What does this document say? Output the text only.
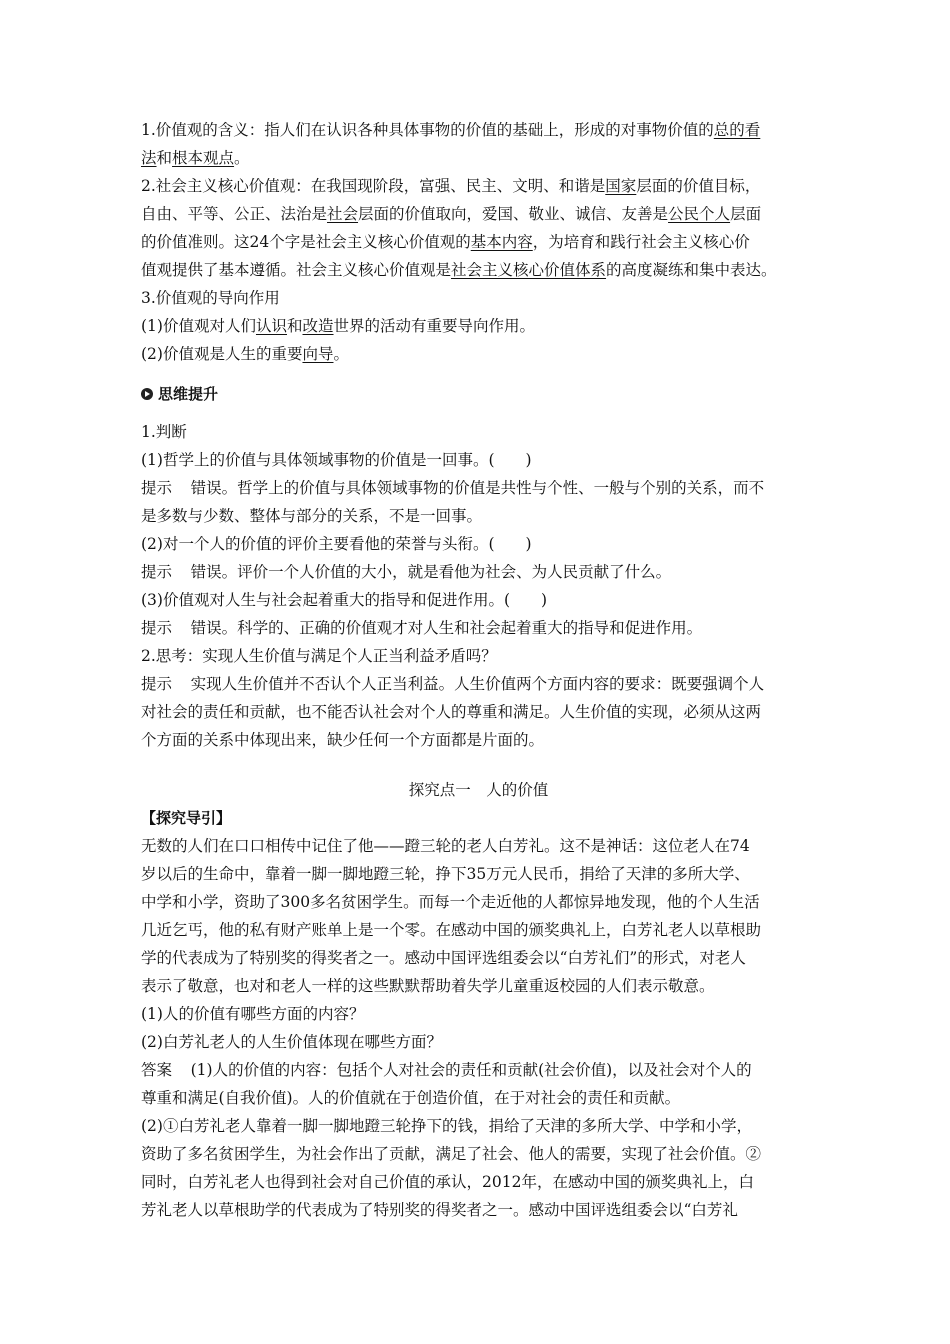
1.价值观的含义：指人们在认识各种具体事物的价值的基础上，形成的对事物价值的总的看
法和根本观点。
2.社会主义核心价值观：在我国现阶段，富强、民主、文明、和谐是国家层面的价值目标，
自由、平等、公正、法治是社会层面的价值取向，爱国、敬业、诚信、友善是公民个人层面
的价值准则。这24个字是社会主义核心价值观的基本内容，为培育和践行社会主义核心价
值观提供了基本遵循。社会主义核心价值观是社会主义核心价值体系的高度凝练和集中表达。
3.价值观的导向作用
(1)价值观对人们认识和改造世界的活动有重要导向作用。
(2)价值观是人生的重要向导。
思维提升
1.判断
(1)哲学上的价值与具体领域事物的价值是一回事。(　　)
提示 错误。哲学上的价值与具体领域事物的价值是共性与个性、一般与个别的关系，而不
是多数与少数、整体与部分的关系，不是一回事。
(2)对一个人的价值的评价主要看他的荣誉与头衔。(　　)
提示 错误。评价一个人价值的大小，就是看他为社会、为人民贡献了什么。
(3)价值观对人生与社会起着重大的指导和促进作用。(　　)
提示 错误。科学的、正确的价值观才对人生和社会起着重大的指导和促进作用。
2.思考：实现人生价值与满足个人正当利益矛盾吗？
提示 实现人生价值并不否认个人正当利益。人生价值两个方面内容的要求：既要强调个人
对社会的责任和贡献，也不能否认社会对个人的尊重和满足。人生价值的实现，必须从这两
个方面的关系中体现出来，缺少任何一个方面都是片面的。
探究点一　人的价值
【探究导引】
无数的人们在口口相传中记住了他——蹬三轮的老人白芳礼。这不是神话：这位老人在74
岁以后的生命中，靠着一脚一脚地蹬三轮，挣下35万元人民币，捐给了天津的多所大学、
中学和小学，资助了300多名贫困学生。而每一个走近他的人都惊异地发现，他的个人生活
几近乞丐，他的私有财产账单上是一个零。在感动中国的颁奖典礼上，白芳礼老人以草根助
学的代表成为了特别奖的得奖者之一。感动中国评选组委会以“白芳礼们”的形式，对老人
表示了敬意，也对和老人一样的这些默默帮助着失学儿童重返校园的人们表示敬意。
(1)人的价值有哪些方面的内容？
(2)白芳礼老人的人生价值体现在哪些方面？
答案 (1)人的价值的内容：包括个人对社会的责任和贡献(社会价值)，以及社会对个人的
尊重和满足(自我价值)。人的价值就在于创造价值，在于对社会的责任和贡献。
(2)①白芳礼老人靠着一脚一脚地蹬三轮挣下的钱，捐给了天津的多所大学、中学和小学，
资助了多名贫困学生，为社会作出了贡献，满足了社会、他人的需要，实现了社会价值。②
同时，白芳礼老人也得到社会对自己价值的承认，2012年，在感动中国的颁奖典礼上，白
芳礼老人以草根助学的代表成为了特别奖的得奖者之一。感动中国评选组委会以“白芳礼
